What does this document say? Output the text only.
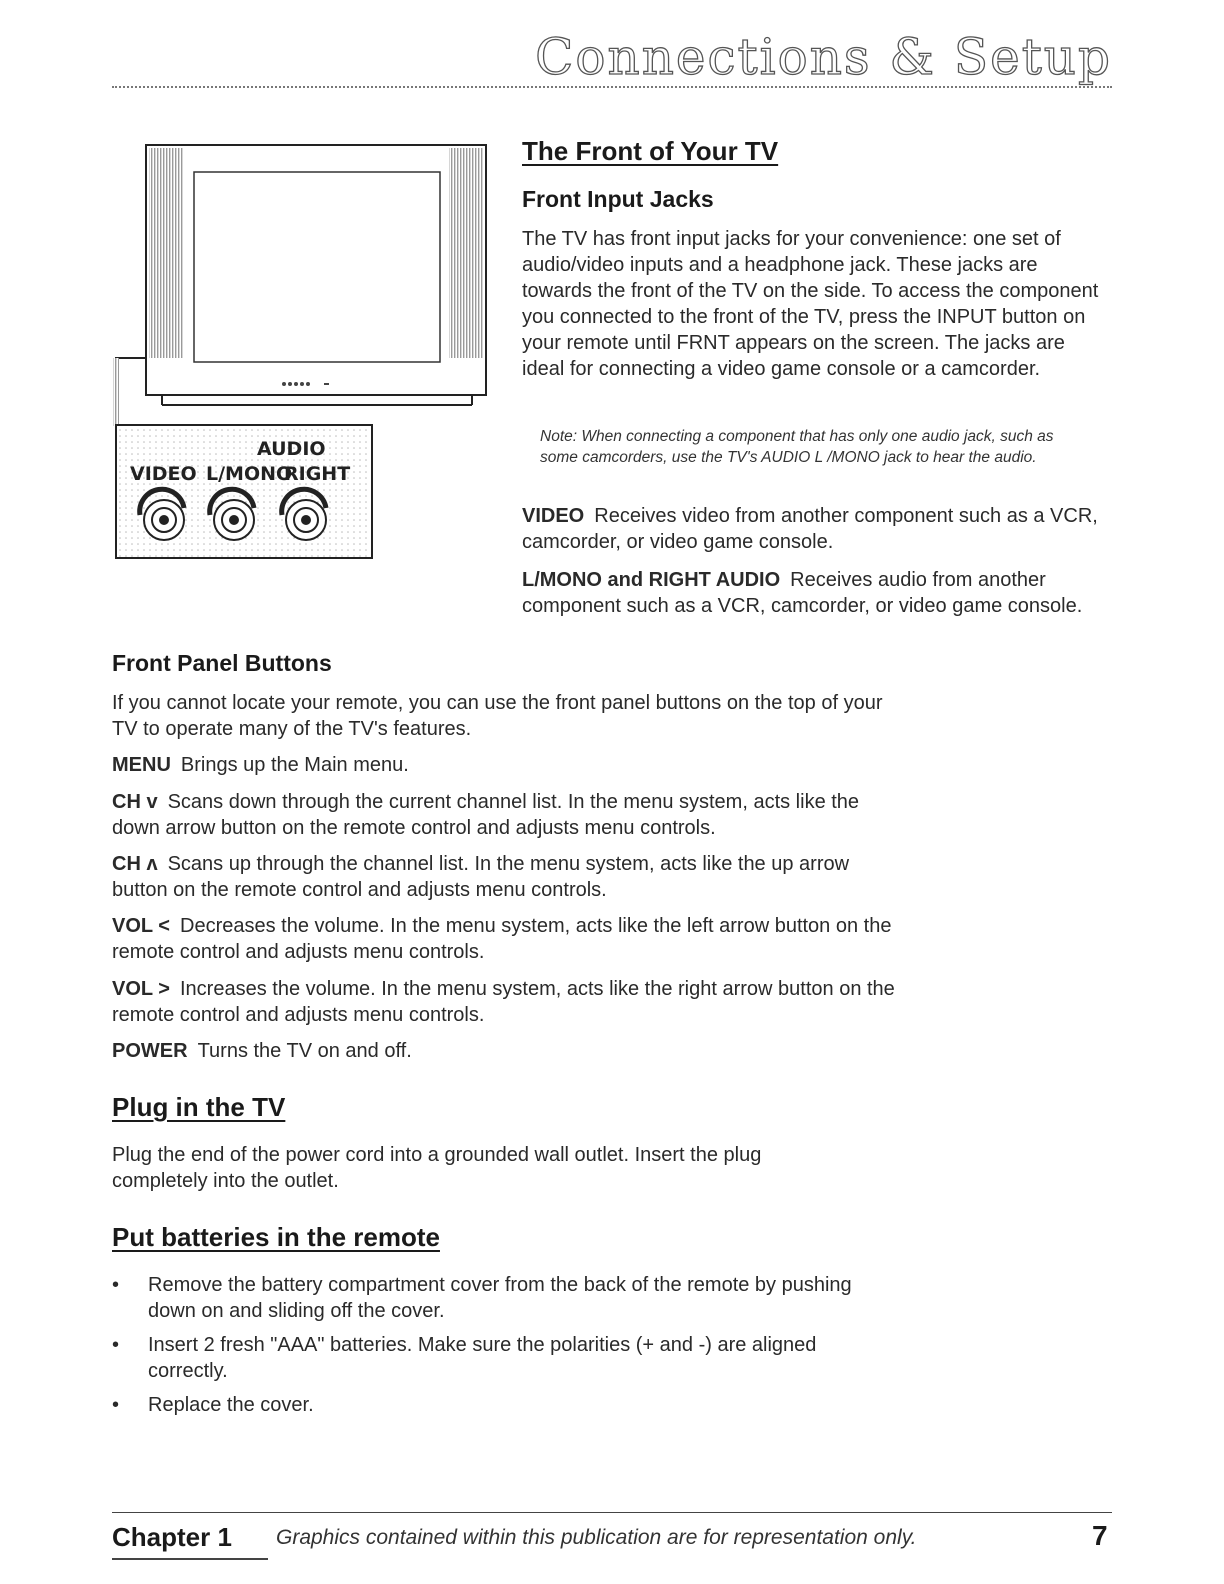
Connections & Setup
AUDIO
VIDEO L/MONO
RIGHT
The Front of Your TV
Front Input Jacks
The TV has front input jacks for your convenience: one set of audio/video inputs and a headphone jack. These jacks are towards the front of the TV on the side. To access the component you connected to the front of the TV, press the INPUT button on your remote until FRNT appears on the screen. The jacks are ideal for connecting a video game console or a camcorder.
Note: When connecting a component that has only one audio jack, such as some camcorders, use the TV's AUDIO L /MONO jack to hear the audio.
VIDEO Receives video from another component such as a VCR, camcorder, or video game console.
L/MONO and RIGHT AUDIO Receives audio from another component such as a VCR, camcorder, or video game console.
Front Panel Buttons
If you cannot locate your remote, you can use the front panel buttons on the top of your TV to operate many of the TV's features.
MENU Brings up the Main menu.
CH v Scans down through the current channel list. In the menu system, acts like the down arrow button on the remote control and adjusts menu controls.
CH ʌ Scans up through the channel list. In the menu system, acts like the up arrow button on the remote control and adjusts menu controls.
VOL < Decreases the volume. In the menu system, acts like the left arrow button on the remote control and adjusts menu controls.
VOL > Increases the volume. In the menu system, acts like the right arrow button on the remote control and adjusts menu controls.
POWER Turns the TV on and off.
Plug in the TV
Plug the end of the power cord into a grounded wall outlet. Insert the plug completely into the outlet.
Put batteries in the remote
• Remove the battery compartment cover from the back of the remote by pushing down on and sliding off the cover.
• Insert 2 fresh "AAA" batteries. Make sure the polarities (+ and -) are aligned correctly.
• Replace the cover.
Chapter 1 Graphics contained within this publication are for representation only.	7
